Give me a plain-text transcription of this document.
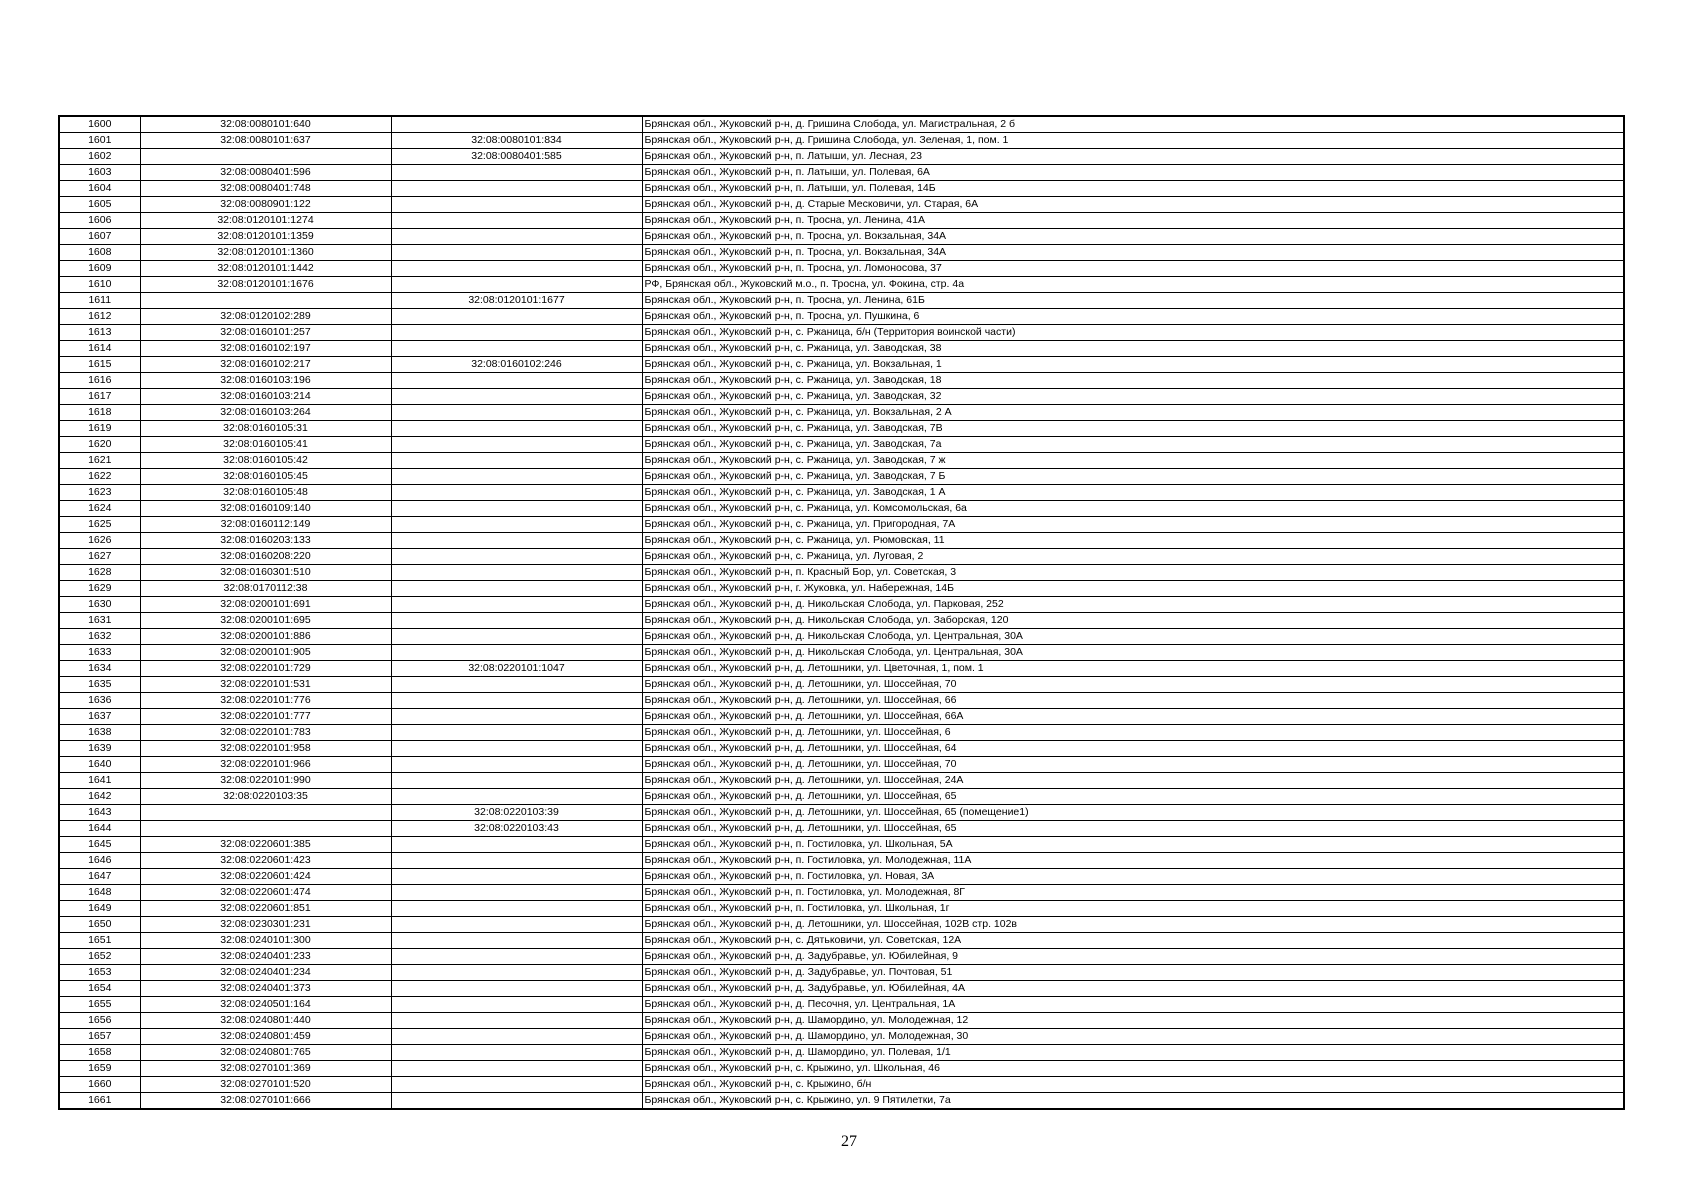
1600	32:08:0080101:640		Брянская обл., Жуковский р-н, д. Гришина Слобода, ул. Магистральная, 2 б
1601	32:08:0080101:637	32:08:0080101:834	Брянская обл., Жуковский р-н, д. Гришина Слобода, ул. Зеленая, 1, пом. 1
1602		32:08:0080401:585	Брянская обл., Жуковский р-н, п. Латыши, ул. Лесная, 23
1603	32:08:0080401:596		Брянская обл., Жуковский р-н, п. Латыши, ул. Полевая, 6А
1604	32:08:0080401:748		Брянская обл., Жуковский р-н, п. Латыши, ул. Полевая, 14Б
1605	32:08:0080901:122		Брянская обл., Жуковский р-н, д. Старые Месковичи, ул. Старая, 6А
1606	32:08:0120101:1274		Брянская обл., Жуковский р-н, п. Тросна, ул. Ленина, 41А
1607	32:08:0120101:1359		Брянская обл., Жуковский р-н, п. Тросна, ул. Вокзальная, 34А
1608	32:08:0120101:1360		Брянская обл., Жуковский р-н, п. Тросна, ул. Вокзальная, 34А
1609	32:08:0120101:1442		Брянская обл., Жуковский р-н, п. Тросна, ул. Ломоносова, 37
1610	32:08:0120101:1676		РФ, Брянская обл., Жуковский м.о., п. Тросна, ул. Фокина, стр. 4а
1611		32:08:0120101:1677	Брянская обл., Жуковский р-н, п. Тросна, ул. Ленина, 61Б
1612	32:08:0120102:289		Брянская обл., Жуковский р-н, п. Тросна, ул. Пушкина, 6
1613	32:08:0160101:257		Брянская обл., Жуковский р-н, с. Ржаница, б/н (Территория воинской части)
1614	32:08:0160102:197		Брянская обл., Жуковский р-н, с. Ржаница, ул. Заводская, 38
1615	32:08:0160102:217	32:08:0160102:246	Брянская обл., Жуковский р-н, с. Ржаница, ул. Вокзальная, 1
1616	32:08:0160103:196		Брянская обл., Жуковский р-н, с. Ржаница, ул. Заводская, 18
1617	32:08:0160103:214		Брянская обл., Жуковский р-н, с. Ржаница, ул. Заводская, 32
1618	32:08:0160103:264		Брянская обл., Жуковский р-н, с. Ржаница, ул. Вокзальная, 2 А
1619	32:08:0160105:31		Брянская обл., Жуковский р-н, с. Ржаница, ул. Заводская, 7В
1620	32:08:0160105:41		Брянская обл., Жуковский р-н, с. Ржаница, ул. Заводская, 7а
1621	32:08:0160105:42		Брянская обл., Жуковский р-н, с. Ржаница, ул. Заводская, 7 ж
1622	32:08:0160105:45		Брянская обл., Жуковский р-н, с. Ржаница, ул. Заводская, 7 Б
1623	32:08:0160105:48		Брянская обл., Жуковский р-н, с. Ржаница, ул. Заводская, 1 А
1624	32:08:0160109:140		Брянская обл., Жуковский р-н, с. Ржаница, ул. Комсомольская, 6а
1625	32:08:0160112:149		Брянская обл., Жуковский р-н, с. Ржаница, ул. Пригородная, 7А
1626	32:08:0160203:133		Брянская обл., Жуковский р-н, с. Ржаница, ул. Рюмовская, 11
1627	32:08:0160208:220		Брянская обл., Жуковский р-н, с. Ржаница, ул. Луговая, 2
1628	32:08:0160301:510		Брянская обл., Жуковский р-н, п. Красный Бор, ул. Советская, 3
1629	32:08:0170112:38		Брянская обл., Жуковский р-н, г. Жуковка, ул. Набережная, 14Б
1630	32:08:0200101:691		Брянская обл., Жуковский р-н, д. Никольская Слобода, ул. Парковая, 252
1631	32:08:0200101:695		Брянская обл., Жуковский р-н, д. Никольская Слобода, ул. Заборская, 120
1632	32:08:0200101:886		Брянская обл., Жуковский р-н, д. Никольская Слобода, ул. Центральная, 30А
1633	32:08:0200101:905		Брянская обл., Жуковский р-н, д. Никольская Слобода, ул. Центральная, 30А
1634	32:08:0220101:729	32:08:0220101:1047	Брянская обл., Жуковский р-н, д. Летошники, ул. Цветочная, 1, пом. 1
1635	32:08:0220101:531		Брянская обл., Жуковский р-н, д. Летошники, ул. Шоссейная, 70
1636	32:08:0220101:776		Брянская обл., Жуковский р-н, д. Летошники, ул. Шоссейная, 66
1637	32:08:0220101:777		Брянская обл., Жуковский р-н, д. Летошники, ул. Шоссейная, 66А
1638	32:08:0220101:783		Брянская обл., Жуковский р-н, д. Летошники, ул. Шоссейная, 6
1639	32:08:0220101:958		Брянская обл., Жуковский р-н, д. Летошники, ул. Шоссейная, 64
1640	32:08:0220101:966		Брянская обл., Жуковский р-н, д. Летошники, ул. Шоссейная, 70
1641	32:08:0220101:990		Брянская обл., Жуковский р-н, д. Летошники, ул. Шоссейная, 24А
1642	32:08:0220103:35		Брянская обл., Жуковский р-н, д. Летошники, ул. Шоссейная, 65
1643		32:08:0220103:39	Брянская обл., Жуковский р-н, д. Летошники, ул. Шоссейная, 65 (помещение1)
1644		32:08:0220103:43	Брянская обл., Жуковский р-н, д. Летошники, ул. Шоссейная, 65
1645	32:08:0220601:385		Брянская обл., Жуковский р-н, п. Гостиловка, ул. Школьная, 5А
1646	32:08:0220601:423		Брянская обл., Жуковский р-н, п. Гостиловка, ул. Молодежная, 11А
1647	32:08:0220601:424		Брянская обл., Жуковский р-н, п. Гостиловка, ул. Новая, 3А
1648	32:08:0220601:474		Брянская обл., Жуковский р-н, п. Гостиловка, ул. Молодежная, 8Г
1649	32:08:0220601:851		Брянская обл., Жуковский р-н, п. Гостиловка, ул. Школьная, 1г
1650	32:08:0230301:231		Брянская обл., Жуковский р-н, д. Летошники, ул. Шоссейная, 102В стр. 102в
1651	32:08:0240101:300		Брянская обл., Жуковский р-н, с. Дятьковичи, ул. Советская, 12А
1652	32:08:0240401:233		Брянская обл., Жуковский р-н, д. Задубравье, ул. Юбилейная, 9
1653	32:08:0240401:234		Брянская обл., Жуковский р-н, д. Задубравье, ул. Почтовая, 51
1654	32:08:0240401:373		Брянская обл., Жуковский р-н, д. Задубравье, ул. Юбилейная, 4А
1655	32:08:0240501:164		Брянская обл., Жуковский р-н, д. Песочня, ул. Центральная, 1А
1656	32:08:0240801:440		Брянская обл., Жуковский р-н, д. Шамордино, ул. Молодежная, 12
1657	32:08:0240801:459		Брянская обл., Жуковский р-н, д. Шамордино, ул. Молодежная, 30
1658	32:08:0240801:765		Брянская обл., Жуковский р-н, д. Шамордино, ул. Полевая, 1/1
1659	32:08:0270101:369		Брянская обл., Жуковский р-н, с. Крыжино, ул. Школьная, 46
1660	32:08:0270101:520		Брянская обл., Жуковский р-н, с. Крыжино, б/н
1661	32:08:0270101:666		Брянская обл., Жуковский р-н, с. Крыжино, ул. 9 Пятилетки, 7а
27
